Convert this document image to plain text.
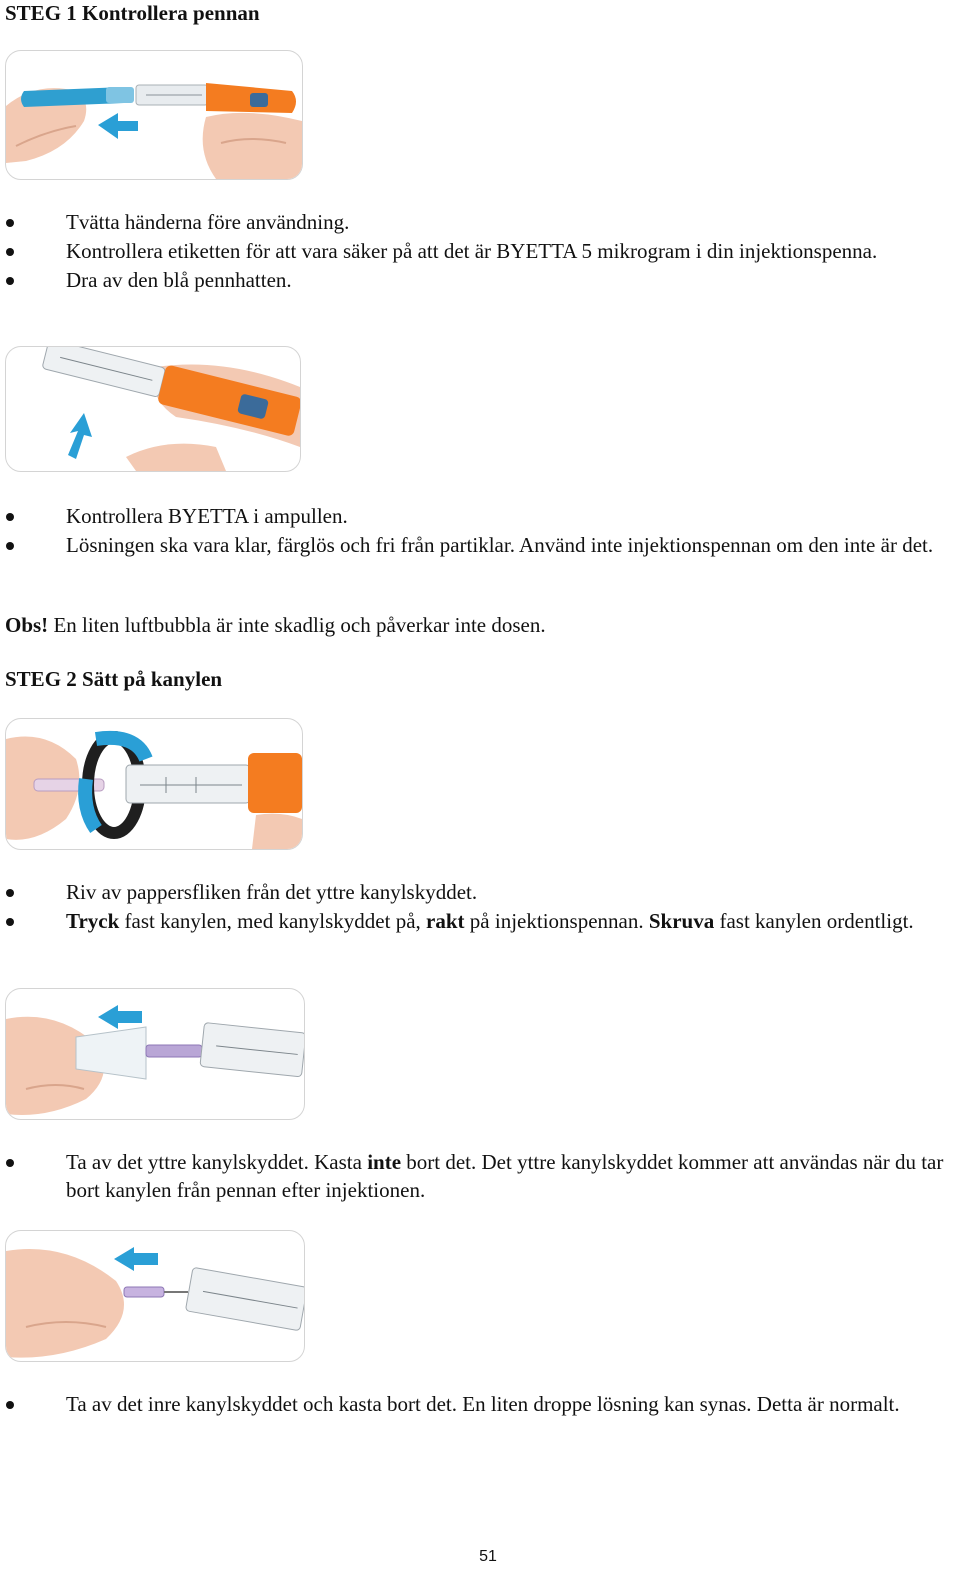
STEG 1 Kontrollera pennan
Tvätta händerna före användning.
Kontrollera etiketten för att vara säker på att det är BYETTA 5 mikrogram i din injektionspenna.
Dra av den blå pennhatten.
Kontrollera BYETTA i ampullen.
Lösningen ska vara klar, färglös och fri från partiklar. Använd inte injektionspennan om den inte är det.

Obs! En liten luftbubbla är inte skadlig och påverkar inte dosen.

STEG 2 Sätt på kanylen
Riv av pappersfliken från det yttre kanylskyddet.
Tryck fast kanylen, med kanylskyddet på, rakt på injektionspennan. Skruva fast kanylen ordentligt.
Ta av det yttre kanylskyddet. Kasta inte bort det. Det yttre kanylskyddet kommer att användas när du tar bort kanylen från pennan efter injektionen.
Ta av det inre kanylskyddet och kasta bort det. En liten droppe lösning kan synas. Detta är normalt.
51
